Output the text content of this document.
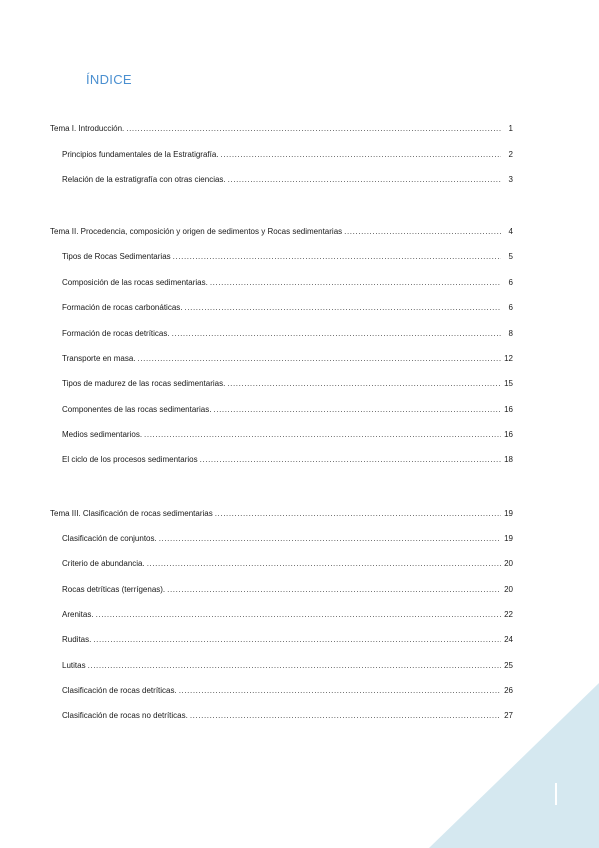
ÍNDICE
Tema I. Introducción. .....	1
Principios fundamentales de la Estratigrafía. .....	2
Relación de la estratigrafía con otras ciencias. .....	3
Tema II. Procedencia, composición y origen de sedimentos y Rocas sedimentarias .....	4
Tipos de Rocas Sedimentarias .....	5
Composición de las rocas sedimentarias. .....	6
Formación de rocas carbonáticas. .....	6
Formación de rocas detríticas. .....	8
Transporte en masa. .....	12
Tipos de madurez de las rocas sedimentarias. .....	15
Componentes de las rocas sedimentarias. .....	16
Medios sedimentarios. .....	16
El ciclo de los procesos sedimentarios .....	18
Tema III. Clasificación de rocas sedimentarias .....	19
Clasificación de conjuntos. .....	19
Criterio de abundancia. .....	20
Rocas detríticas (terrígenas). .....	20
Arenitas. .....	22
Ruditas. .....	24
Lutitas .....	25
Clasificación de rocas detríticas. .....	26
Clasificación de rocas no detríticas. .....	27
